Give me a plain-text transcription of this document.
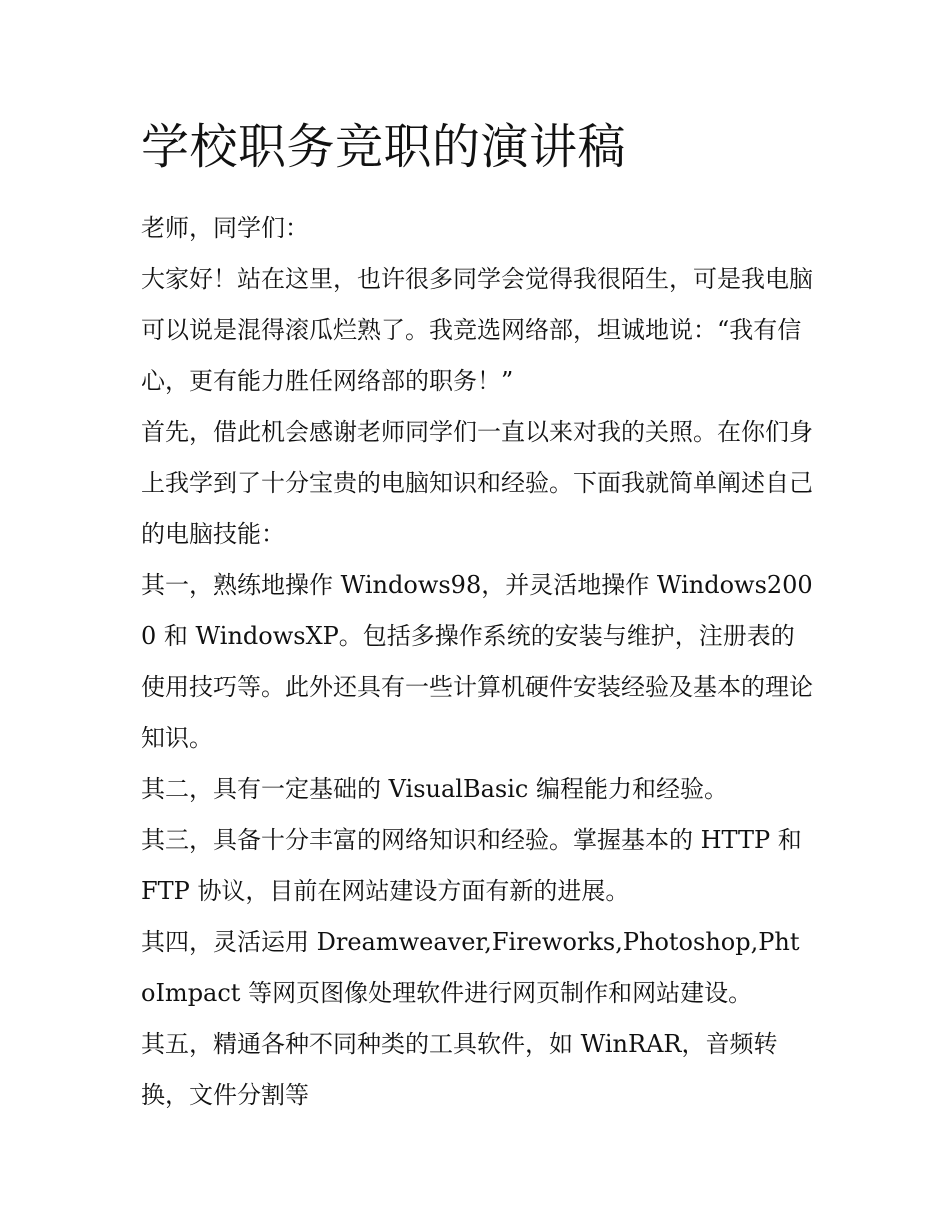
学校职务竞职的演讲稿

老师，同学们：

大家好！站在这里，也许很多同学会觉得我很陌生，可是我电脑可以说是混得滚瓜烂熟了。我竞选网络部，坦诚地说：“我有信心，更有能力胜任网络部的职务！”

首先，借此机会感谢老师同学们一直以来对我的关照。在你们身上我学到了十分宝贵的电脑知识和经验。下面我就简单阐述自己的电脑技能：

其一，熟练地操作 Windows98，并灵活地操作 Windows2000 和 WindowsXP。包括多操作系统的安装与维护，注册表的使用技巧等。此外还具有一些计算机硬件安装经验及基本的理论知识。

其二，具有一定基础的 VisualBasic 编程能力和经验。

其三，具备十分丰富的网络知识和经验。掌握基本的 HTTP 和 FTP 协议，目前在网站建设方面有新的进展。

其四，灵活运用 Dreamweaver,Fireworks,Photoshop,PhtoImpact 等网页图像处理软件进行网页制作和网站建设。

其五，精通各种不同种类的工具软件，如 WinRAR，音频转换，文件分割等
